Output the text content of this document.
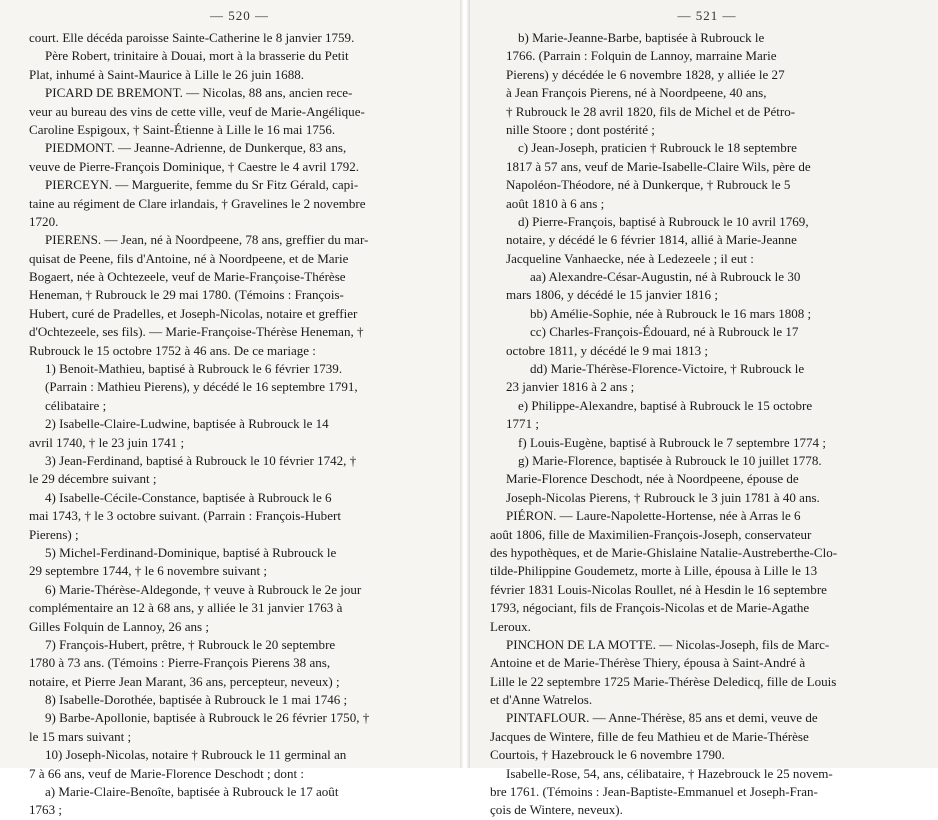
— 520 —
court. Elle décéda paroisse Sainte-Catherine le 8 janvier 1759.
Père Robert, trinitaire à Douai, mort à la brasserie du Petit
Plat, inhumé à Saint-Maurice à Lille le 26 juin 1688.
PICARD DE BREMONT. — Nicolas, 88 ans, ancien rece-
veur au bureau des vins de cette ville, veuf de Marie-Angélique-
Caroline Espigoux, † Saint-Étienne à Lille le 16 mai 1756.
PIEDMONT. — Jeanne-Adrienne, de Dunkerque, 83 ans,
veuve de Pierre-François Dominique, † Caestre le 4 avril 1792.
PIERCEYN. — Marguerite, femme du Sr Fitz Gérald, capi-
taine au régiment de Clare irlandais, † Gravelines le 2 novembre
1720.
PIERENS. — Jean, né à Noordpeene, 78 ans, greffier du mar-
quisat de Peene, fils d'Antoine, né à Noordpeene, et de Marie
Bogaert, née à Ochtezeele, veuf de Marie-Françoise-Thérèse
Heneman, † Rubrouck le 29 mai 1780. (Témoins : François-
Hubert, curé de Pradelles, et Joseph-Nicolas, notaire et greffier
d'Ochtezeele, ses fils). — Marie-Françoise-Thérèse Heneman, †
Rubrouck le 15 octobre 1752 à 46 ans. De ce mariage :
1) Benoit-Mathieu, baptisé à Rubrouck le 6 février 1739.
(Parrain : Mathieu Pierens), y décédé le 16 septembre 1791,
célibataire ;
2) Isabelle-Claire-Ludwine, baptisée à Rubrouck le 14
avril 1740, † le 23 juin 1741 ;
3) Jean-Ferdinand, baptisé à Rubrouck le 10 février 1742, †
le 29 décembre suivant ;
4) Isabelle-Cécile-Constance, baptisée à Rubrouck le 6
mai 1743, † le 3 octobre suivant. (Parrain : François-Hubert
Pierens) ;
5) Michel-Ferdinand-Dominique, baptisé à Rubrouck le
29 septembre 1744, † le 6 novembre suivant ;
6) Marie-Thérèse-Aldegonde, † veuve à Rubrouck le 2e jour
complémentaire an 12 à 68 ans, y alliée le 31 janvier 1763 à
Gilles Folquin de Lannoy, 26 ans ;
7) François-Hubert, prêtre, † Rubrouck le 20 septembre
1780 à 73 ans. (Témoins : Pierre-François Pierens 38 ans,
notaire, et Pierre Jean Marant, 36 ans, percepteur, neveux) ;
8) Isabelle-Dorothée, baptisée à Rubrouck le 1 mai 1746 ;
9) Barbe-Apollonie, baptisée à Rubrouck le 26 février 1750, †
le 15 mars suivant ;
10) Joseph-Nicolas, notaire † Rubrouck le 11 germinal an
7 à 66 ans, veuf de Marie-Florence Deschodt ; dont :
a) Marie-Claire-Benoîte, baptisée à Rubrouck le 17 août
1763 ;
— 521 —
b) Marie-Jeanne-Barbe, baptisée à Rubrouck le
1766. (Parrain : Folquin de Lannoy, marraine Marie
Pierens) y décédée le 6 novembre 1828, y alliée le 27
à Jean François Pierens, né à Noordpeene, 40 ans,
† Rubrouck le 28 avril 1820, fils de Michel et de Pétro-
nille Stoore ; dont postérité ;
c) Jean-Joseph, praticien † Rubrouck le 18 septembre
1817 à 57 ans, veuf de Marie-Isabelle-Claire Wils, père de
Napoléon-Théodore, né à Dunkerque, † Rubrouck le 5
août 1810 à 6 ans ;
d) Pierre-François, baptisé à Rubrouck le 10 avril 1769,
notaire, y décédé le 6 février 1814, allié à Marie-Jeanne
Jacqueline Vanhaecke, née à Ledezeele ; il eut :
aa) Alexandre-César-Augustin, né à Rubrouck le 30
mars 1806, y décédé le 15 janvier 1816 ;
bb) Amélie-Sophie, née à Rubrouck le 16 mars 1808 ;
cc) Charles-François-Édouard, né à Rubrouck le 17
octobre 1811, y décédé le 9 mai 1813 ;
dd) Marie-Thérèse-Florence-Victoire, † Rubrouck le
23 janvier 1816 à 2 ans ;
e) Philippe-Alexandre, baptisé à Rubrouck le 15 octobre
1771 ;
f) Louis-Eugène, baptisé à Rubrouck le 7 septembre 1774 ;
g) Marie-Florence, baptisée à Rubrouck le 10 juillet 1778.
Marie-Florence Deschodt, née à Noordpeene, épouse de
Joseph-Nicolas Pierens, † Rubrouck le 3 juin 1781 à 40 ans.
PIÉRON. — Laure-Napolette-Hortense, née à Arras le 6
août 1806, fille de Maximilien-François-Joseph, conservateur
des hypothèques, et de Marie-Ghislaine Natalie-Austreberthe-Clo-
tilde-Philippine Goudemetz, morte à Lille, épousa à Lille le 13
février 1831 Louis-Nicolas Roullet, né à Hesdin le 16 septembre
1793, négociant, fils de François-Nicolas et de Marie-Agathe
Leroux.
PINCHON DE LA MOTTE. — Nicolas-Joseph, fils de Marc-
Antoine et de Marie-Thérèse Thiery, épousa à Saint-André à
Lille le 22 septembre 1725 Marie-Thérèse Deledicq, fille de Louis
et d'Anne Watrelos.
PINTAFLOUR. — Anne-Thérèse, 85 ans et demi, veuve de
Jacques de Wintere, fille de feu Mathieu et de Marie-Thérèse
Courtois, † Hazebrouck le 6 novembre 1790.
Isabelle-Rose, 54, ans, célibataire, † Hazebrouck le 25 novem-
bre 1761. (Témoins : Jean-Baptiste-Emmanuel et Joseph-Fran-
çois de Wintere, neveux).
